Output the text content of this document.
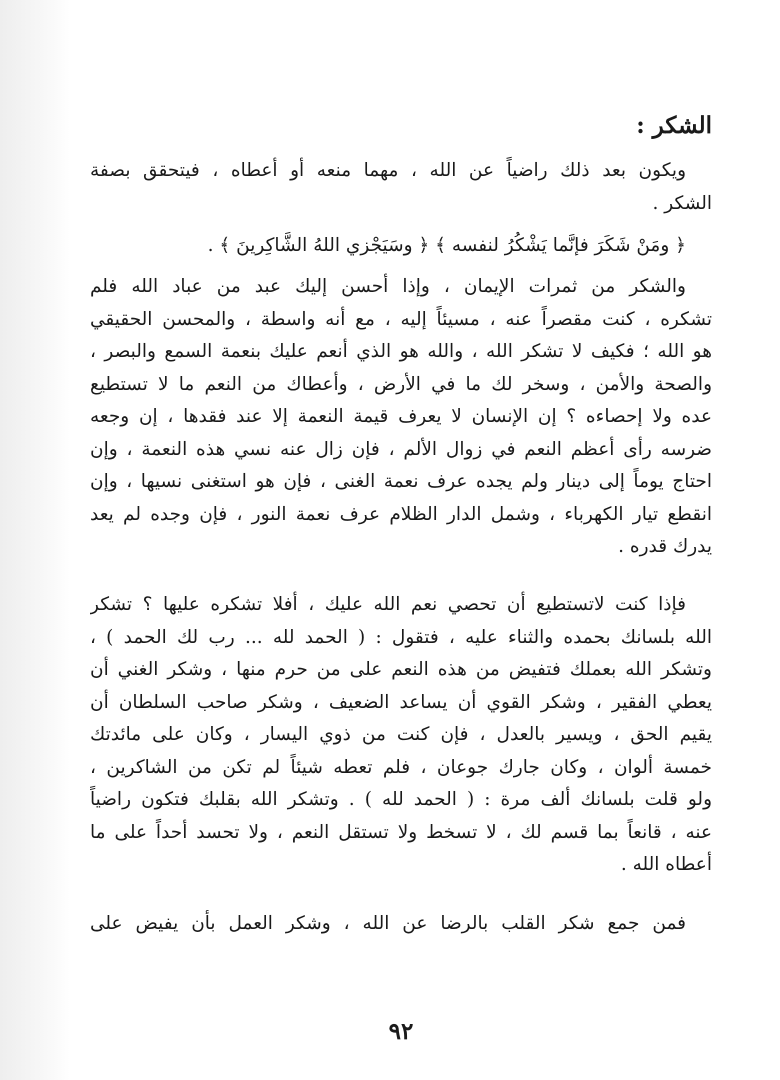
الشكر :
ويكون بعد ذلك راضياً عن الله ، مهما منعه أو أعطاه ، فيتحقق بصفة
الشكر .
﴿ ومَنْ شَكَرَ فإنَّما يَشْكُرُ لنفسه ﴾ ﴿ وسَيَجْزي اللهُ الشَّاكِرينَ ﴾ .
والشكر من ثمرات الإيمان ، وإذا أحسن إليك عبد من عباد الله فلم
تشكره ، كنت مقصراً عنه ، مسيئاً إليه ، مع أنه واسطة ، والمحسن الحقيقي
هو الله ؛ فكيف لا تشكر الله ، والله هو الذي أنعم عليك بنعمة السمع والبصر ،
والصحة والأمن ، وسخر لك ما في الأرض ، وأعطاك من النعم ما لا تستطيع
عده ولا إحصاءه ؟ إن الإنسان لا يعرف قيمة النعمة إلا عند فقدها ، إن وجعه
ضرسه رأى أعظم النعم في زوال الألم ، فإن زال عنه نسي هذه النعمة ، وإن
احتاج يوماً إلى دينار ولم يجده عرف نعمة الغنى ، فإن هو استغنى نسيها ، وإن
انقطع تيار الكهرباء ، وشمل الدار الظلام عرف نعمة النور ، فإن وجده لم يعد
يدرك قدره .
فإذا كنت لاتستطيع أن تحصي نعم الله عليك ، أفلا تشكره عليها ؟ تشكر
الله بلسانك بحمده والثناء عليه ، فتقول : ( الحمد لله ... رب لك الحمد ) ،
وتشكر الله بعملك فتفيض من هذه النعم على من حرم منها ، وشكر الغني أن
يعطي الفقير ، وشكر القوي أن يساعد الضعيف ، وشكر صاحب السلطان أن
يقيم الحق ، ويسير بالعدل ، فإن كنت من ذوي اليسار ، وكان على مائدتك
خمسة ألوان ، وكان جارك جوعان ، فلم تعطه شيئاً لم تكن من الشاكرين ،
ولو قلت بلسانك ألف مرة : ( الحمد لله ) . وتشكر الله بقلبك فتكون راضياً
عنه ، قانعاً بما قسم لك ، لا تسخط ولا تستقل النعم ، ولا تحسد أحداً على ما
أعطاه الله .
فمن جمع شكر القلب بالرضا عن الله ، وشكر العمل بأن يفيض على
٩٢
